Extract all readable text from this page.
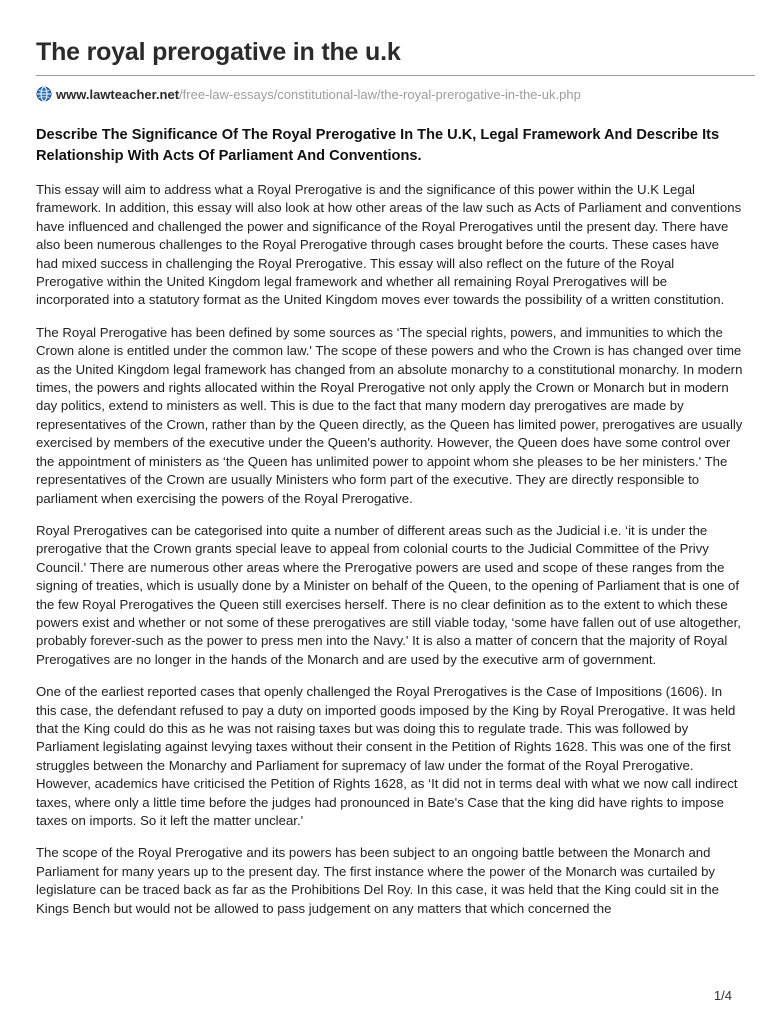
The royal prerogative in the u.k
www.lawteacher.net /free-law-essays/constitutional-law/the-royal-prerogative-in-the-uk.php
Describe The Significance Of The Royal Prerogative In The U.K, Legal Framework And Describe Its Relationship With Acts Of Parliament And Conventions.

This essay will aim to address what a Royal Prerogative is and the significance of this power within the U.K Legal framework. In addition, this essay will also look at how other areas of the law such as Acts of Parliament and conventions have influenced and challenged the power and significance of the Royal Prerogatives until the present day. There have also been numerous challenges to the Royal Prerogative through cases brought before the courts. These cases have had mixed success in challenging the Royal Prerogative. This essay will also reflect on the future of the Royal Prerogative within the United Kingdom legal framework and whether all remaining Royal Prerogatives will be incorporated into a statutory format as the United Kingdom moves ever towards the possibility of a written constitution.

The Royal Prerogative has been defined by some sources as ‘The special rights, powers, and immunities to which the Crown alone is entitled under the common law.' The scope of these powers and who the Crown is has changed over time as the United Kingdom legal framework has changed from an absolute monarchy to a constitutional monarchy. In modern times, the powers and rights allocated within the Royal Prerogative not only apply the Crown or Monarch but in modern day politics, extend to ministers as well. This is due to the fact that many modern day prerogatives are made by representatives of the Crown, rather than by the Queen directly, as the Queen has limited power, prerogatives are usually exercised by members of the executive under the Queen's authority. However, the Queen does have some control over the appointment of ministers as ‘the Queen has unlimited power to appoint whom she pleases to be her ministers.' The representatives of the Crown are usually Ministers who form part of the executive. They are directly responsible to parliament when exercising the powers of the Royal Prerogative.

Royal Prerogatives can be categorised into quite a number of different areas such as the Judicial i.e. ‘it is under the prerogative that the Crown grants special leave to appeal from colonial courts to the Judicial Committee of the Privy Council.' There are numerous other areas where the Prerogative powers are used and scope of these ranges from the signing of treaties, which is usually done by a Minister on behalf of the Queen, to the opening of Parliament that is one of the few Royal Prerogatives the Queen still exercises herself. There is no clear definition as to the extent to which these powers exist and whether or not some of these prerogatives are still viable today, ‘some have fallen out of use altogether, probably forever-such as the power to press men into the Navy.' It is also a matter of concern that the majority of Royal Prerogatives are no longer in the hands of the Monarch and are used by the executive arm of government.

One of the earliest reported cases that openly challenged the Royal Prerogatives is the Case of Impositions (1606). In this case, the defendant refused to pay a duty on imported goods imposed by the King by Royal Prerogative. It was held that the King could do this as he was not raising taxes but was doing this to regulate trade. This was followed by Parliament legislating against levying taxes without their consent in the Petition of Rights 1628. This was one of the first struggles between the Monarchy and Parliament for supremacy of law under the format of the Royal Prerogative. However, academics have criticised the Petition of Rights 1628, as ‘It did not in terms deal with what we now call indirect taxes, where only a little time before the judges had pronounced in Bate's Case that the king did have rights to impose taxes on imports. So it left the matter unclear.'

The scope of the Royal Prerogative and its powers has been subject to an ongoing battle between the Monarch and Parliament for many years up to the present day. The first instance where the power of the Monarch was curtailed by legislature can be traced back as far as the Prohibitions Del Roy. In this case, it was held that the King could sit in the Kings Bench but would not be allowed to pass judgement on any matters that which concerned the

1/4
